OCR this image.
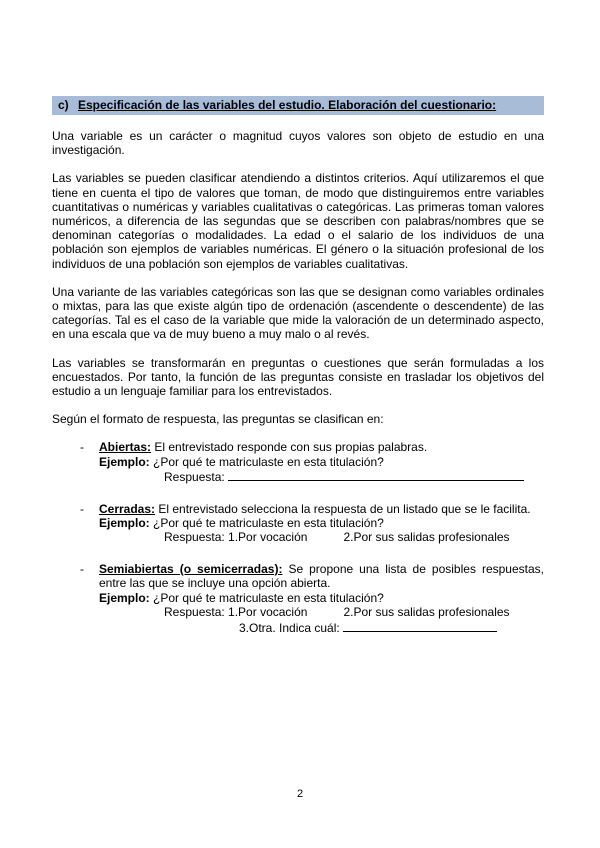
c) Especificación de las variables del estudio. Elaboración del cuestionario:

Una variable es un carácter o magnitud cuyos valores son objeto de estudio en una investigación.

Las variables se pueden clasificar atendiendo a distintos criterios. Aquí utilizaremos el que tiene en cuenta el tipo de valores que toman, de modo que distinguiremos entre variables cuantitativas o numéricas y variables cualitativas o categóricas. Las primeras toman valores numéricos, a diferencia de las segundas que se describen con palabras/nombres que se denominan categorías o modalidades. La edad o el salario de los individuos de una población son ejemplos de variables numéricas. El género o la situación profesional de los individuos de una población son ejemplos de variables cualitativas.

Una variante de las variables categóricas son las que se designan como variables ordinales o mixtas, para las que existe algún tipo de ordenación (ascendente o descendente) de las categorías. Tal es el caso de la variable que mide la valoración de un determinado aspecto, en una escala que va de muy bueno a muy malo o al revés.

Las variables se transformarán en preguntas o cuestiones que serán formuladas a los encuestados. Por tanto, la función de las preguntas consiste en trasladar los objetivos del estudio a un lenguaje familiar para los entrevistados.

Según el formato de respuesta, las preguntas se clasifican en:

- Abiertas: El entrevistado responde con sus propias palabras.
Ejemplo: ¿Por qué te matriculaste en esta titulación?
Respuesta:
- Cerradas: El entrevistado selecciona la respuesta de un listado que se le facilita.
Ejemplo: ¿Por qué te matriculaste en esta titulación?
Respuesta: 1.Por vocación	2.Por sus salidas profesionales
- Semiabiertas (o semicerradas): Se propone una lista de posibles respuestas, entre las que se incluye una opción abierta.
Ejemplo: ¿Por qué te matriculaste en esta titulación?
Respuesta: 1.Por vocación	2.Por sus salidas profesionales
3.Otra. Indica cuál:
2
